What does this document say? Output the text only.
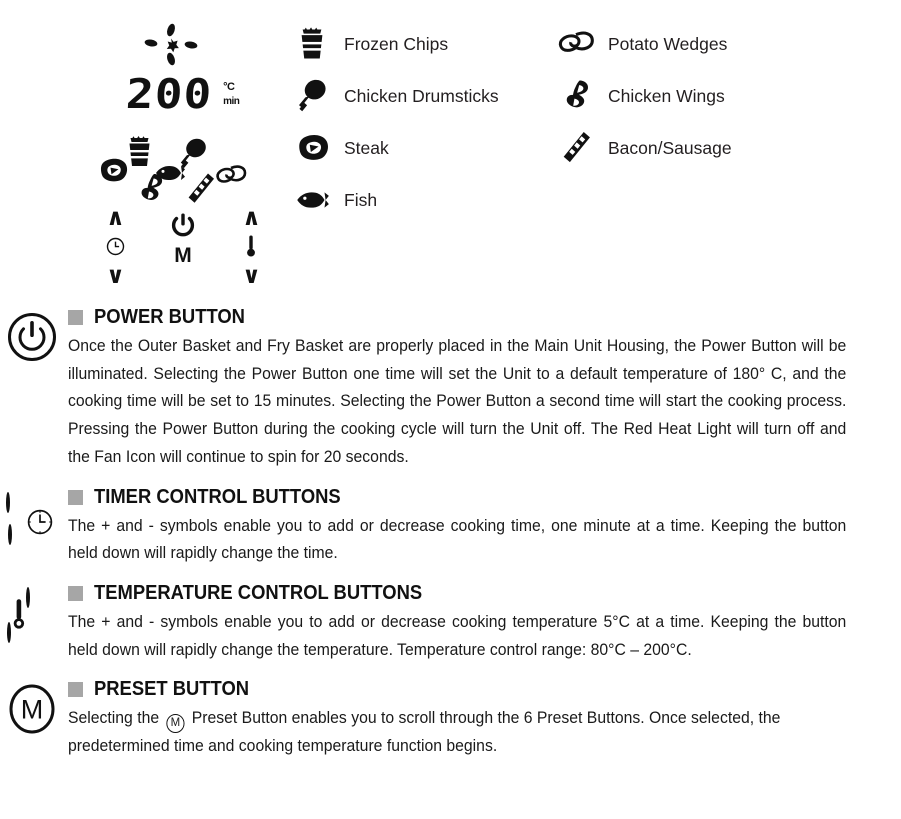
200 °C
min
∧
∨
M
∧
∨
Frozen Chips
Chicken Drumsticks
Steak
Fish
Potato Wedges
Chicken Wings
Bacon/Sausage
POWER BUTTON

Once the Outer Basket and Fry Basket are properly placed in the Main Unit Housing, the Power Button will be illuminated. Selecting the Power Button one time will set the Unit to a default temperature of 180° C, and the cooking time will be set to 15 minutes. Selecting the Power Button a second time will start the cooking process. Pressing the Power Button during the cooking cycle will turn the Unit off. The Red Heat Light will turn off and the Fan Icon will continue to spin for 20 seconds.

TIMER CONTROL BUTTONS

The + and - symbols enable you to add or decrease cooking time, one minute at a time. Keeping the button held down will rapidly change the time.

TEMPERATURE CONTROL BUTTONS

The + and - symbols enable you to add or decrease cooking temperature 5°C at a time. Keeping the button held down will rapidly change the temperature. Temperature control range: 80°C – 200°C.

M
PRESET BUTTON

Selecting the M Preset Button enables you to scroll through the 6 Preset Buttons. Once selected, the predetermined time and cooking temperature function begins.
